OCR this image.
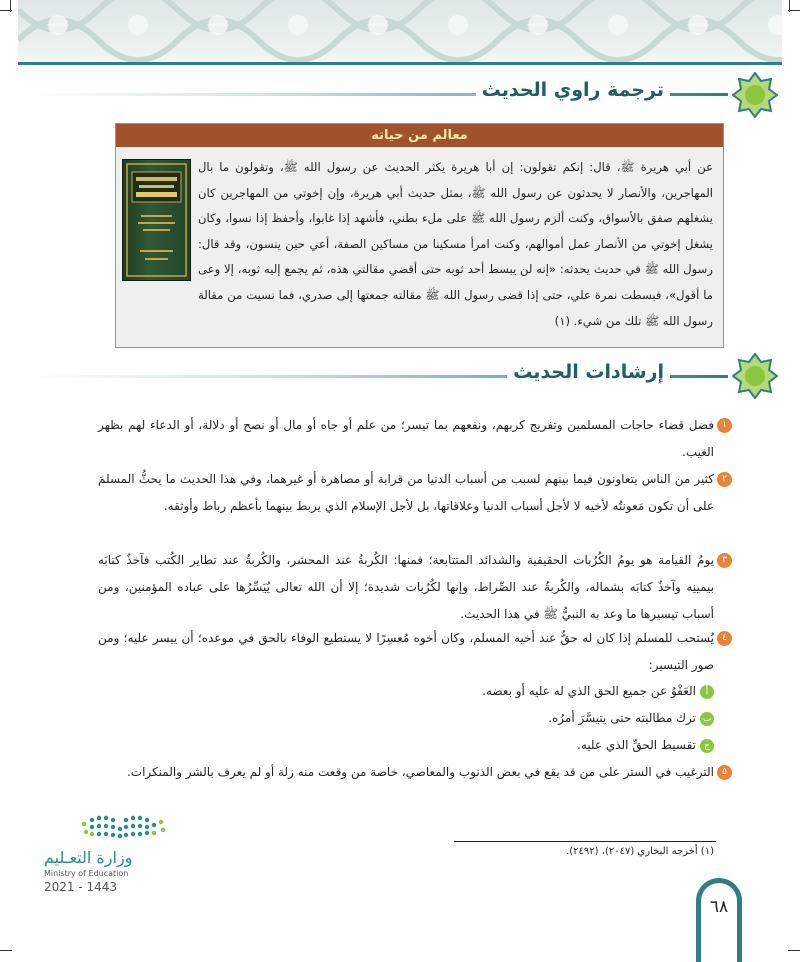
ترجمة راوي الحديث
معالم من حياته
عن أبي هريرة ﷺ، قال: إنكم تقولون: إن أبا هريرة يكثر الحديث عن رسول الله ﷺ، وتقولون ما بال المهاجرين، والأنصار لا يحدثون عن رسول الله ﷺ، بمثل حديث أبي هريرة، وإن إخوتي من المهاجرين كان يشغلهم صفق بالأسواق، وكنت ألزم رسول الله ﷺ على ملء بطني، فأشهد إذا غابوا، وأحفظ إذا نسوا، وكان يشغل إخوتي من الأنصار عمل أموالهم، وكنت امرأ مسكينا من مساكين الصفة، أعي حين ينسون، وقد قال: رسول الله ﷺ في حديث يحدثه: «إنه لن يبسط أحد ثوبه حتى أقضي مقالتي هذه، ثم يجمع إليه ثوبه، إلا وعى ما أقول»، فبسطت نمرة علي، حتى إذا قضى رسول الله ﷺ مقالته جمعتها إلى صدري، فما نسيت من مقالة رسول الله ﷺ تلك من شيء. (١)
إرشادات الحديث
١
فضل قضاء حاجات المسلمين وتفريج كربهم، ونفعهم بما تيسر؛ من علم أو جاه أو مال أو نصح أو دلالة، أو الدعاء لهم بظهر الغيب.
٢
كثير من الناس يتعاونون فيما بينهم لسبب من أسباب الدنيا من قرابة أو مصاهرة أو غيرهما، وفي هذا الحديث ما يحثُّ المسلمَ على أن تكون مَعونتُه لأخيه لا لأجل أسباب الدنيا وعلاقاتها، بل لأجل الإسلام الذي يربط بينهما بأعظم رباط وأوثقه.
٣
يومُ القيامة هو يومُ الكُرُبات الحقيقية والشدائد المتتابعة؛ فمنها: الكُربةُ عند المحشر، والكُربةُ عند تطاير الكُتب فآخذٌ كتابَه بيمينِه وآخذٌ كتابَه بشماله، والكُربةُ عند الصِّراط، وإنها لكُرُبات شديدة؛ إلا أن الله تعالى يُيَسِّرُها على عباده المؤمنين، ومن أسباب تيسيرها ما وعد به النبيُّ ﷺ في هذا الحديث.
٤
يُستحب للمسلم إذا كان له حقٌّ عند أخيه المسلم، وكان أخوه مُعسِرًا لا يستطيع الوفاء بالحق في موعده؛ أن ييسر عليه؛ ومن صور التيسير:
أالعَفْوُ عن جميع الحق الذي له عليه أو بعضه.
بترك مطالبته حتى يتيسَّرَ أمرُه.
جتقسيط الحقِّ الذي عليه.
٥
الترغيب في الستر على من قد يقع في بعض الذنوب والمعاصي، خاصة من وقعت منه زلة أو لم يعرف بالشر والمنكرات.
(١) أخرجه البخاري (٢٠٤٧)، (٢٤٩٢).
وزارة التعـليم
Ministry of Education
2021 - 1443
٦٨
